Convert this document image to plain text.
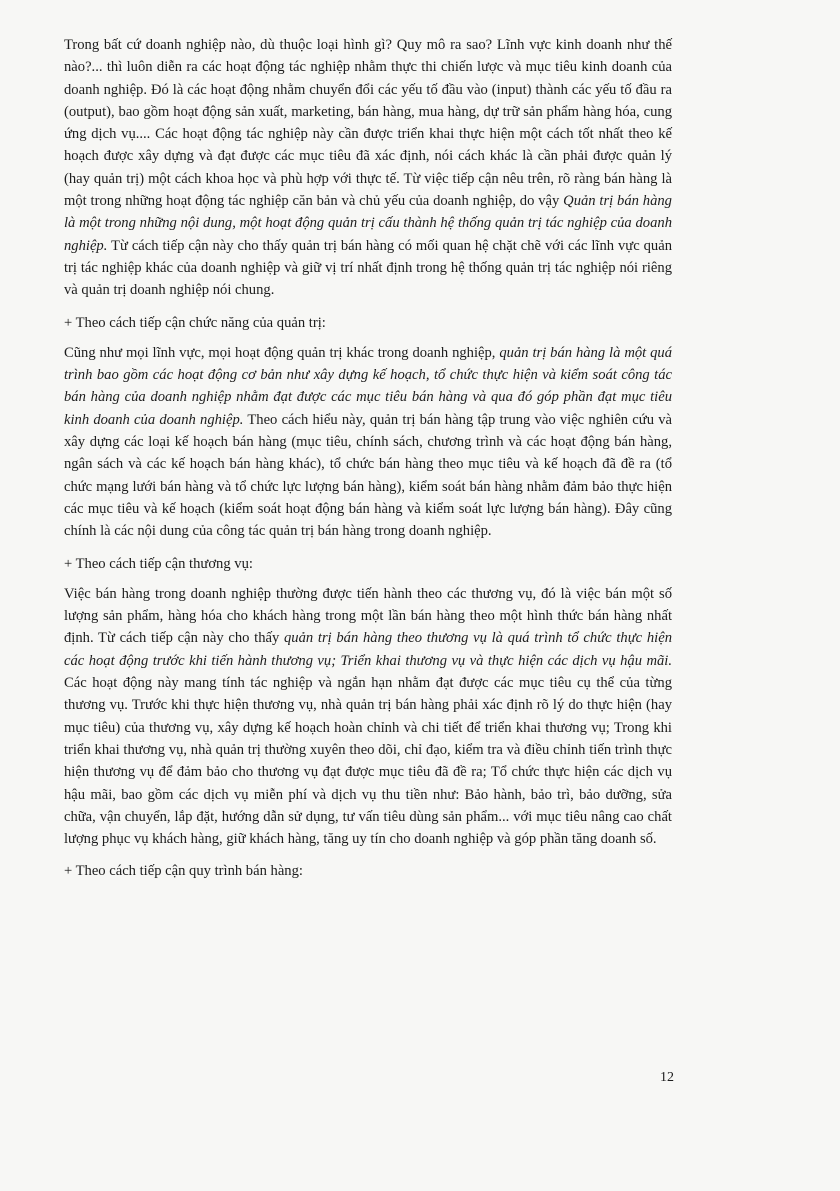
Trong bất cứ doanh nghiệp nào, dù thuộc loại hình gì? Quy mô ra sao? Lĩnh vực kinh doanh như thế nào?... thì luôn diễn ra các hoạt động tác nghiệp nhằm thực thi chiến lược và mục tiêu kinh doanh của doanh nghiệp. Đó là các hoạt động nhằm chuyển đổi các yếu tố đầu vào (input) thành các yếu tố đầu ra (output), bao gồm hoạt động sản xuất, marketing, bán hàng, mua hàng, dự trữ sản phẩm hàng hóa, cung ứng dịch vụ.... Các hoạt động tác nghiệp này cần được triển khai thực hiện một cách tốt nhất theo kế hoạch được xây dựng và đạt được các mục tiêu đã xác định, nói cách khác là cần phải được quản lý (hay quản trị) một cách khoa học và phù hợp với thực tế. Từ việc tiếp cận nêu trên, rõ ràng bán hàng là một trong những hoạt động tác nghiệp căn bản và chủ yếu của doanh nghiệp, do vậy Quản trị bán hàng là một trong những nội dung, một hoạt động quản trị cấu thành hệ thống quản trị tác nghiệp của doanh nghiệp. Từ cách tiếp cận này cho thấy quản trị bán hàng có mối quan hệ chặt chẽ với các lĩnh vực quản trị tác nghiệp khác của doanh nghiệp và giữ vị trí nhất định trong hệ thống quản trị tác nghiệp nói riêng và quản trị doanh nghiệp nói chung.

+ Theo cách tiếp cận chức năng của quản trị:

Cũng như mọi lĩnh vực, mọi hoạt động quản trị khác trong doanh nghiệp, quản trị bán hàng là một quá trình bao gồm các hoạt động cơ bản như xây dựng kế hoạch, tổ chức thực hiện và kiểm soát công tác bán hàng của doanh nghiệp nhằm đạt được các mục tiêu bán hàng và qua đó góp phần đạt mục tiêu kinh doanh của doanh nghiệp. Theo cách hiểu này, quản trị bán hàng tập trung vào việc nghiên cứu và xây dựng các loại kế hoạch bán hàng (mục tiêu, chính sách, chương trình và các hoạt động bán hàng, ngân sách và các kế hoạch bán hàng khác), tổ chức bán hàng theo mục tiêu và kế hoạch đã đề ra (tổ chức mạng lưới bán hàng và tổ chức lực lượng bán hàng), kiểm soát bán hàng nhằm đảm bảo thực hiện các mục tiêu và kế hoạch (kiểm soát hoạt động bán hàng và kiểm soát lực lượng bán hàng). Đây cũng chính là các nội dung của công tác quản trị bán hàng trong doanh nghiệp.

+ Theo cách tiếp cận thương vụ:

Việc bán hàng trong doanh nghiệp thường được tiến hành theo các thương vụ, đó là việc bán một số lượng sản phẩm, hàng hóa cho khách hàng trong một lần bán hàng theo một hình thức bán hàng nhất định. Từ cách tiếp cận này cho thấy quản trị bán hàng theo thương vụ là quá trình tổ chức thực hiện các hoạt động trước khi tiến hành thương vụ; Triển khai thương vụ và thực hiện các dịch vụ hậu mãi. Các hoạt động này mang tính tác nghiệp và ngắn hạn nhằm đạt được các mục tiêu cụ thể của từng thương vụ. Trước khi thực hiện thương vụ, nhà quản trị bán hàng phải xác định rõ lý do thực hiện (hay mục tiêu) của thương vụ, xây dựng kế hoạch hoàn chỉnh và chi tiết để triển khai thương vụ; Trong khi triển khai thương vụ, nhà quản trị thường xuyên theo dõi, chỉ đạo, kiểm tra và điều chỉnh tiến trình thực hiện thương vụ để đảm bảo cho thương vụ đạt được mục tiêu đã đề ra; Tổ chức thực hiện các dịch vụ hậu mãi, bao gồm các dịch vụ miễn phí và dịch vụ thu tiền như: Bảo hành, bảo trì, bảo dưỡng, sửa chữa, vận chuyển, lắp đặt, hướng dẫn sử dụng, tư vấn tiêu dùng sản phẩm... với mục tiêu nâng cao chất lượng phục vụ khách hàng, giữ khách hàng, tăng uy tín cho doanh nghiệp và góp phần tăng doanh số.

+ Theo cách tiếp cận quy trình bán hàng:

12
